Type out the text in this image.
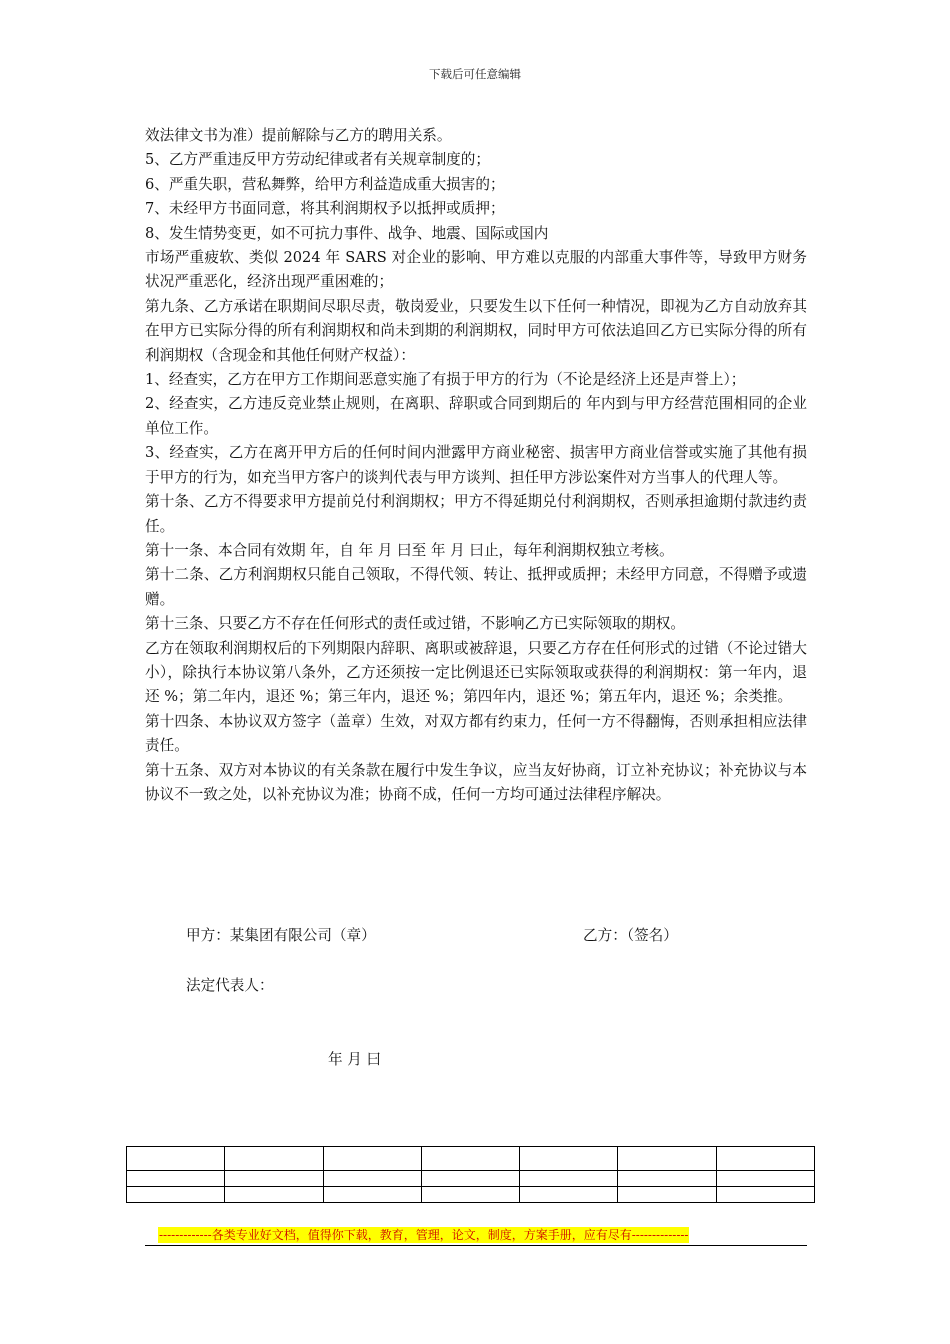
下载后可任意编辑

效法律文书为准）提前解除与乙方的聘用关系。

5、乙方严重违反甲方劳动纪律或者有关规章制度的；

6、严重失职，营私舞弊，给甲方利益造成重大损害的；

7、未经甲方书面同意，将其利润期权予以抵押或质押；

8、发生情势变更，如不可抗力事件、战争、地震、国际或国内

市场严重疲软、类似 2024 年 SARS 对企业的影响、甲方难以克服的内部重大事件等，导致甲方财务状况严重恶化，经济出现严重困难的；

第九条、乙方承诺在职期间尽职尽责，敬岗爱业，只要发生以下任何一种情况，即视为乙方自动放弃其在甲方已实际分得的所有利润期权和尚未到期的利润期权，同时甲方可依法追回乙方已实际分得的所有利润期权（含现金和其他任何财产权益）：

1、经查实，乙方在甲方工作期间恶意实施了有损于甲方的行为（不论是经济上还是声誉上）；

2、经查实，乙方违反竞业禁止规则，在离职、辞职或合同到期后的 年内到与甲方经营范围相同的企业单位工作。

3、经查实，乙方在离开甲方后的任何时间内泄露甲方商业秘密、损害甲方商业信誉或实施了其他有损于甲方的行为，如充当甲方客户的谈判代表与甲方谈判、担任甲方涉讼案件对方当事人的代理人等。

第十条、乙方不得要求甲方提前兑付利润期权；甲方不得延期兑付利润期权，否则承担逾期付款违约责任。

第十一条、本合同有效期 年，自 年 月 曰至 年 月 曰止，每年利润期权独立考核。

第十二条、乙方利润期权只能自己领取，不得代领、转让、抵押或质押；未经甲方同意，不得赠予或遗赠。

第十三条、只要乙方不存在任何形式的责任或过错，不影响乙方已实际领取的期权。

乙方在领取利润期权后的下列期限内辞职、离职或被辞退，只要乙方存在任何形式的过错（不论过错大小），除执行本协议第八条外，乙方还须按一定比例退还已实际领取或获得的利润期权：第一年内，退还 %；第二年内，退还 %；第三年内，退还 %；第四年内，退还 %；第五年内，退还 %；余类推。

第十四条、本协议双方签字（盖章）生效，对双方都有约束力，任何一方不得翻悔，否则承担相应法律责任。

第十五条、双方对本协议的有关条款在履行中发生争议，应当友好协商，订立补充协议；补充协议与本协议不一致之处，以补充协议为准；协商不成，任何一方均可通过法律程序解决。

甲方：某集团有限公司（章）	乙方：（签名）
法定代表人：
年 月 曰

-------------各类专业好文档，值得你下载，教育，管理，论文，制度，方案手册，应有尽有--------------
